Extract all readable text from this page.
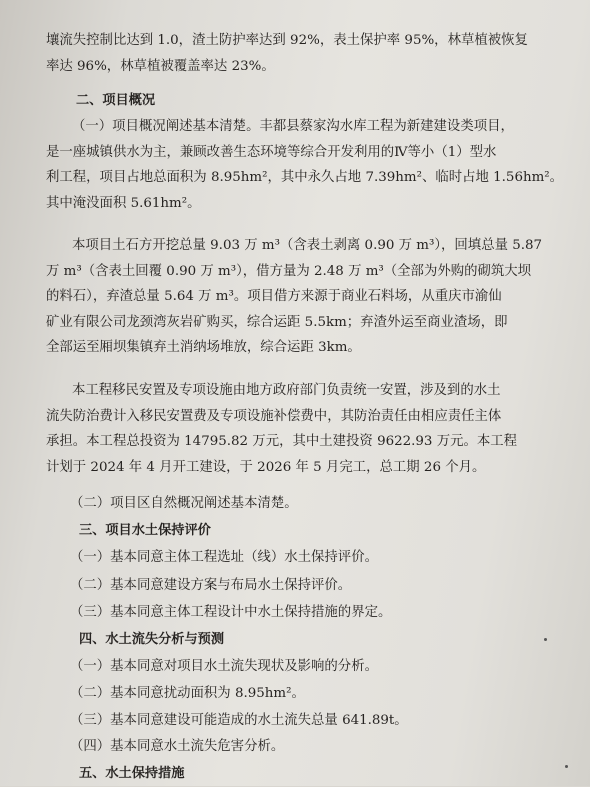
壤流失控制比达到 1.0，渣土防护率达到 92%，表土保护率 95%，林草植被恢复
率达 96%，林草植被覆盖率达 23%。
二、项目概况
（一）项目概况阐述基本清楚。丰都县蔡家沟水库工程为新建建设类项目，
是一座城镇供水为主，兼顾改善生态环境等综合开发利用的Ⅳ等小（1）型水
利工程，项目占地总面积为 8.95hm²，其中永久占地 7.39hm²、临时占地 1.56hm²。
其中淹没面积 5.61hm²。
本项目土石方开挖总量 9.03 万 m³（含表土剥离 0.90 万 m³），回填总量 5.87
万 m³（含表土回覆 0.90 万 m³），借方量为 2.48 万 m³（全部为外购的砌筑大坝
的料石），弃渣总量 5.64 万 m³。项目借方来源于商业石料场，从重庆市渝仙
矿业有限公司龙颈湾灰岩矿购买，综合运距 5.5km；弃渣外运至商业渣场，即
全部运至厢坝集镇弃土消纳场堆放，综合运距 3km。
本工程移民安置及专项设施由地方政府部门负责统一安置，涉及到的水土
流失防治费计入移民安置费及专项设施补偿费中，其防治责任由相应责任主体
承担。本工程总投资为 14795.82 万元，其中土建投资 9622.93 万元。本工程
计划于 2024 年 4 月开工建设，于 2026 年 5 月完工，总工期 26 个月。
（二）项目区自然概况阐述基本清楚。
三、项目水土保持评价
（一）基本同意主体工程选址（线）水土保持评价。
（二）基本同意建设方案与布局水土保持评价。
（三）基本同意主体工程设计中水土保持措施的界定。
四、水土流失分析与预测
（一）基本同意对项目水土流失现状及影响的分析。
（二）基本同意扰动面积为 8.95hm²。
（三）基本同意建设可能造成的水土流失总量 641.89t。
（四）基本同意水土流失危害分析。
五、水土保持措施
